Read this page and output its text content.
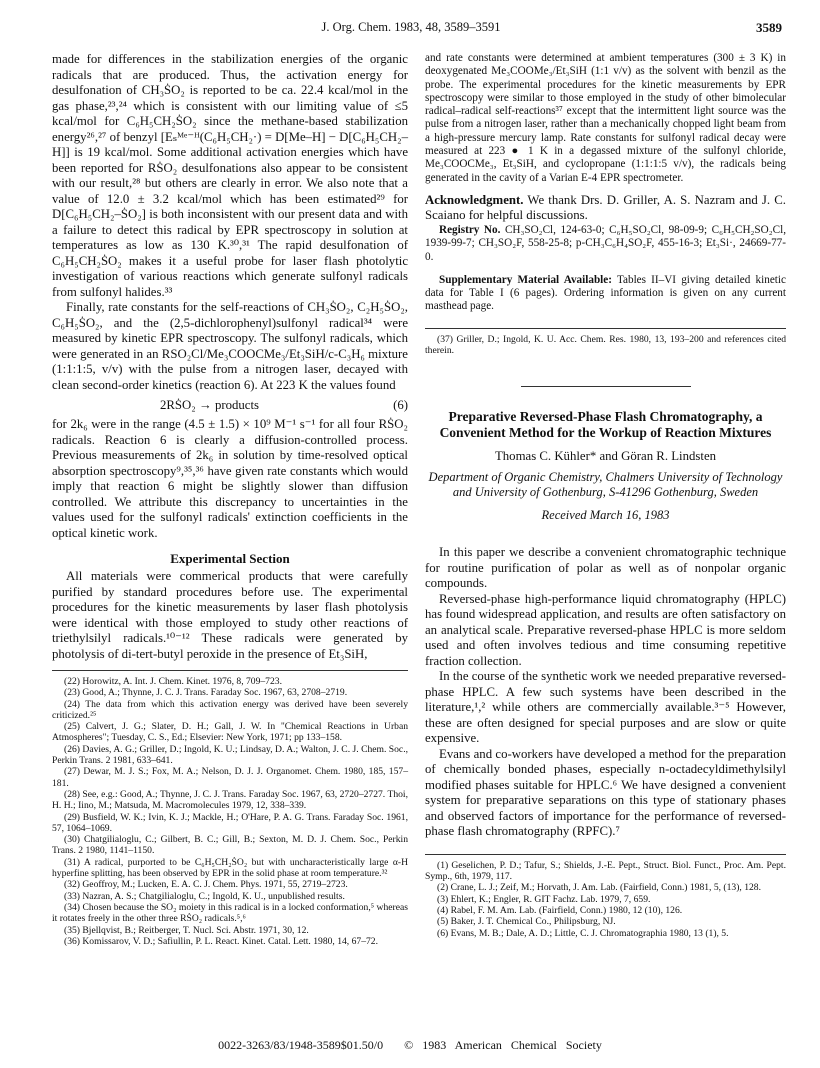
J. Org. Chem. 1983, 48, 3589–3591	3589

made for differences in the stabilization energies of the organic radicals that are produced. Thus, the activation energy for desulfonation of CH₃ṠO₂ is reported to be ca. 22.4 kcal/mol in the gas phase,²³,²⁴ which is consistent with our limiting value of ≤5 kcal/mol for C₆H₅CH₂ṠO₂ since the methane-based stabilization energy²⁶,²⁷ of benzyl [Eₛᴹᵉ⁻ᴴ(C₆H₅CH₂·) = D[Me–H] − D[C₆H₅CH₂–H]] is 19 kcal/mol. Some additional activation energies which have been reported for RṠO₂ desulfonations also appear to be consistent with our result,²⁸ but others are clearly in error. We also note that a value of 12.0 ± 3.2 kcal/mol which has been estimated²⁹ for D[C₆H₅CH₂–ṠO₂] is both inconsistent with our present data and with a failure to detect this radical by EPR spectroscopy in solution at temperatures as low as 130 K.³⁰,³¹ The rapid desulfonation of C₆H₅CH₂ṠO₂ makes it a useful probe for laser flash photolytic investigation of various reactions which generate sulfonyl radicals from sulfonyl halides.³³

Finally, rate constants for the self-reactions of CH₃ṠO₂, C₂H₅ṠO₂, C₆H₅ṠO₂, and the (2,5-dichlorophenyl)sulfonyl radical³⁴ were measured by kinetic EPR spectroscopy. The sulfonyl radicals, which were generated in an RSO₂Cl/Me₃COOCMe₃/Et₃SiH/c-C₃H₆ mixture (1:1:1:5, v/v) with the pulse from a nitrogen laser, decayed with clean second-order kinetics (reaction 6). At 223 K the values found

2RṠO₂ → products	(6)

for 2k₆ were in the range (4.5 ± 1.5) × 10⁹ M⁻¹ s⁻¹ for all four RṠO₂ radicals. Reaction 6 is clearly a diffusion-controlled process. Previous measurements of 2k₆ in solution by time-resolved optical absorption spectroscopy⁹,³⁵,³⁶ have given rate constants which would imply that reaction 6 might be slightly slower than diffusion controlled. We attribute this discrepancy to uncertainties in the values used for the sulfonyl radicals' extinction coefficients in the optical kinetic work.

Experimental Section

All materials were commerical products that were carefully purified by standard procedures before use. The experimental procedures for the kinetic measurements by laser flash photolysis were identical with those employed to study other reactions of triethylsilyl radicals.¹⁰⁻¹² These radicals were generated by photolysis of di-tert-butyl peroxide in the presence of Et₃SiH,

(22) Horowitz, A. Int. J. Chem. Kinet. 1976, 8, 709–723.

(23) Good, A.; Thynne, J. C. J. Trans. Faraday Soc. 1967, 63, 2708–2719.

(24) The data from which this activation energy was derived have been severely criticized.²⁵

(25) Calvert, J. G.; Slater, D. H.; Gall, J. W. In "Chemical Reactions in Urban Atmospheres"; Tuesday, C. S., Ed.; Elsevier: New York, 1971; pp 133–158.

(26) Davies, A. G.; Griller, D.; Ingold, K. U.; Lindsay, D. A.; Walton, J. C. J. Chem. Soc., Perkin Trans. 2 1981, 633–641.

(27) Dewar, M. J. S.; Fox, M. A.; Nelson, D. J. J. Organomet. Chem. 1980, 185, 157–181.

(28) See, e.g.: Good, A.; Thynne, J. C. J. Trans. Faraday Soc. 1967, 63, 2720–2727. Thoi, H. H.; Iino, M.; Matsuda, M. Macromolecules 1979, 12, 338–339.

(29) Busfield, W. K.; Ivin, K. J.; Mackle, H.; O'Hare, P. A. G. Trans. Faraday Soc. 1961, 57, 1064–1069.

(30) Chatgilialoglu, C.; Gilbert, B. C.; Gill, B.; Sexton, M. D. J. Chem. Soc., Perkin Trans. 2 1980, 1141–1150.

(31) A radical, purported to be C₆H₅CH₂ṠO₂ but with uncharacteristically large α-H hyperfine splitting, has been observed by EPR in the solid phase at room temperature.³²

(32) Geoffroy, M.; Lucken, E. A. C. J. Chem. Phys. 1971, 55, 2719–2723.

(33) Nazran, A. S.; Chatgilialoglu, C.; Ingold, K. U., unpublished results.

(34) Chosen because the SO₂ moiety in this radical is in a locked conformation,⁵ whereas it rotates freely in the other three RṠO₂ radicals.⁵,⁶

(35) Bjellqvist, B.; Reitberger, T. Nucl. Sci. Abstr. 1971, 30, 12.

(36) Komissarov, V. D.; Safiullin, P. L. React. Kinet. Catal. Lett. 1980, 14, 67–72.

and rate constants were determined at ambient temperatures (300 ± 3 K) in deoxygenated Me₃COOMe₃/Et₃SiH (1:1 v/v) as the solvent with benzil as the probe. The experimental procedures for the kinetic measurements by EPR spectroscopy were similar to those employed in the study of other bimolecular radical–radical self-reactions³⁷ except that the intermittent light source was the pulse from a nitrogen laser, rather than a mechanically chopped light beam from a high-pressure mercury lamp. Rate constants for sulfonyl radical decay were measured at 223 ● 1 K in a degassed mixture of the sulfonyl chloride, Me₃COOCMe₃, Et₃SiH, and cyclopropane (1:1:1:5 v/v), the radicals being generated in the cavity of a Varian E-4 EPR spectrometer.

Acknowledgment. We thank Drs. D. Griller, A. S. Nazram and J. C. Scaiano for helpful discussions.

Registry No. CH₃SO₂Cl, 124-63-0; C₆H₅SO₂Cl, 98-09-9; C₆H₅CH₂SO₂Cl, 1939-99-7; CH₃SO₂F, 558-25-8; p-CH₃C₆H₄SO₂F, 455-16-3; Et₃Si·, 24669-77-0.

Supplementary Material Available: Tables II–VI giving detailed kinetic data for Table I (6 pages). Ordering information is given on any current masthead page.

(37) Griller, D.; Ingold, K. U. Acc. Chem. Res. 1980, 13, 193–200 and references cited therein.

Preparative Reversed-Phase Flash Chromatography, a Convenient Method for the Workup of Reaction Mixtures
Thomas C. Kühler* and Göran R. Lindsten
Department of Organic Chemistry, Chalmers University of Technology and University of Gothenburg, S-41296 Gothenburg, Sweden
Received March 16, 1983

In this paper we describe a convenient chromatographic technique for routine purification of polar as well as of nonpolar organic compounds.

Reversed-phase high-performance liquid chromatography (HPLC) has found widespread application, and results are often satisfactory on an analytical scale. Preparative reversed-phase HPLC is more seldom used and often involves tedious and time consuming repetitive fraction collection.

In the course of the synthetic work we needed preparative reversed-phase HPLC. A few such systems have been described in the literature,¹,² while others are commercially available.³⁻⁵ However, these are often designed for special purposes and are slow or quite expensive.

Evans and co-workers have developed a method for the preparation of chemically bonded phases, especially n-octadecyldimethylsilyl modified phases suitable for HPLC.⁶ We have designed a convenient system for preparative separations on this type of stationary phases and observed factors of importance for the performance of reversed-phase flash chromatography (RPFC).⁷

(1) Geselichen, P. D.; Tafur, S.; Shields, J.-E. Pept., Struct. Biol. Funct., Proc. Am. Pept. Symp., 6th, 1979, 117.

(2) Crane, L. J.; Zeif, M.; Horvath, J. Am. Lab. (Fairfield, Conn.) 1981, 5, (13), 128.

(3) Ehlert, K.; Engler, R. GIT Fachz. Lab. 1979, 7, 659.

(4) Rabel, F. M. Am. Lab. (Fairfield, Conn.) 1980, 12 (10), 126.

(5) Baker, J. T. Chemical Co., Philipsburg, NJ.

(6) Evans, M. B.; Dale, A. D.; Little, C. J. Chromatographia 1980, 13 (1), 5.

0022-3263/83/1948-3589$01.50/0 © 1983 American Chemical Society
